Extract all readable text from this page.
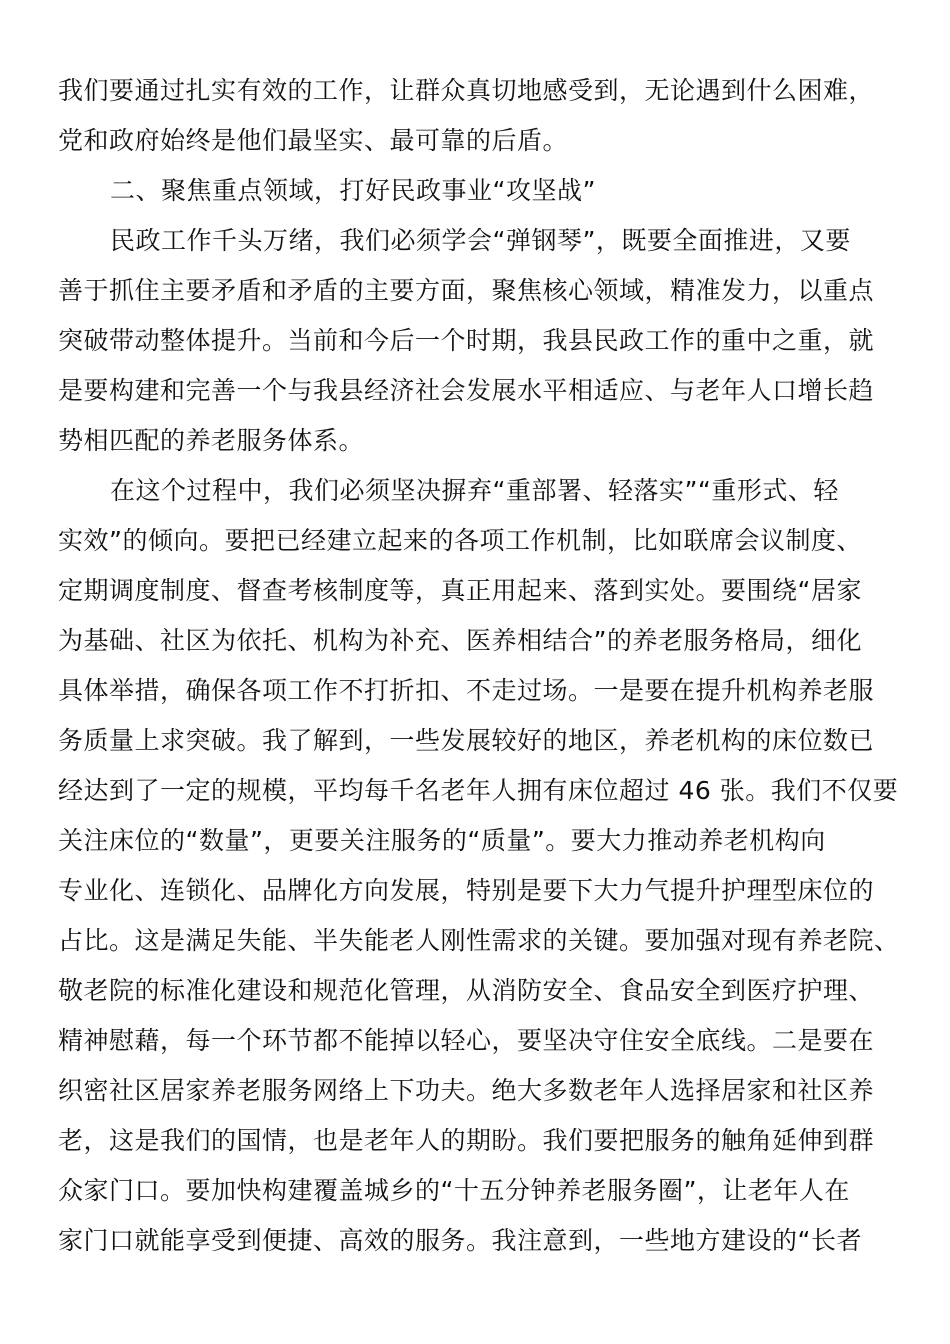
我们要通过扎实有效的工作，让群众真切地感受到，无论遇到什么困难，
党和政府始终是他们最坚实、最可靠的后盾。
二、聚焦重点领域，打好民政事业“攻坚战”
民政工作千头万绪，我们必须学会“弹钢琴”，既要全面推进，又要
善于抓住主要矛盾和矛盾的主要方面，聚焦核心领域，精准发力，以重点
突破带动整体提升。当前和今后一个时期，我县民政工作的重中之重，就
是要构建和完善一个与我县经济社会发展水平相适应、与老年人口增长趋
势相匹配的养老服务体系。
在这个过程中，我们必须坚决摒弃“重部署、轻落实”“重形式、轻
实效”的倾向。要把已经建立起来的各项工作机制，比如联席会议制度、
定期调度制度、督查考核制度等，真正用起来、落到实处。要围绕“居家
为基础、社区为依托、机构为补充、医养相结合”的养老服务格局，细化
具体举措，确保各项工作不打折扣、不走过场。一是要在提升机构养老服
务质量上求突破。我了解到，一些发展较好的地区，养老机构的床位数已
经达到了一定的规模，平均每千名老年人拥有床位超过 46 张。我们不仅要
关注床位的“数量”，更要关注服务的“质量”。要大力推动养老机构向
专业化、连锁化、品牌化方向发展，特别是要下大力气提升护理型床位的
占比。这是满足失能、半失能老人刚性需求的关键。要加强对现有养老院、
敬老院的标准化建设和规范化管理，从消防安全、食品安全到医疗护理、
精神慰藉，每一个环节都不能掉以轻心，要坚决守住安全底线。二是要在
织密社区居家养老服务网络上下功夫。绝大多数老年人选择居家和社区养
老，这是我们的国情，也是老年人的期盼。我们要把服务的触角延伸到群
众家门口。要加快构建覆盖城乡的“十五分钟养老服务圈”，让老年人在
家门口就能享受到便捷、高效的服务。我注意到，一些地方建设的“长者
